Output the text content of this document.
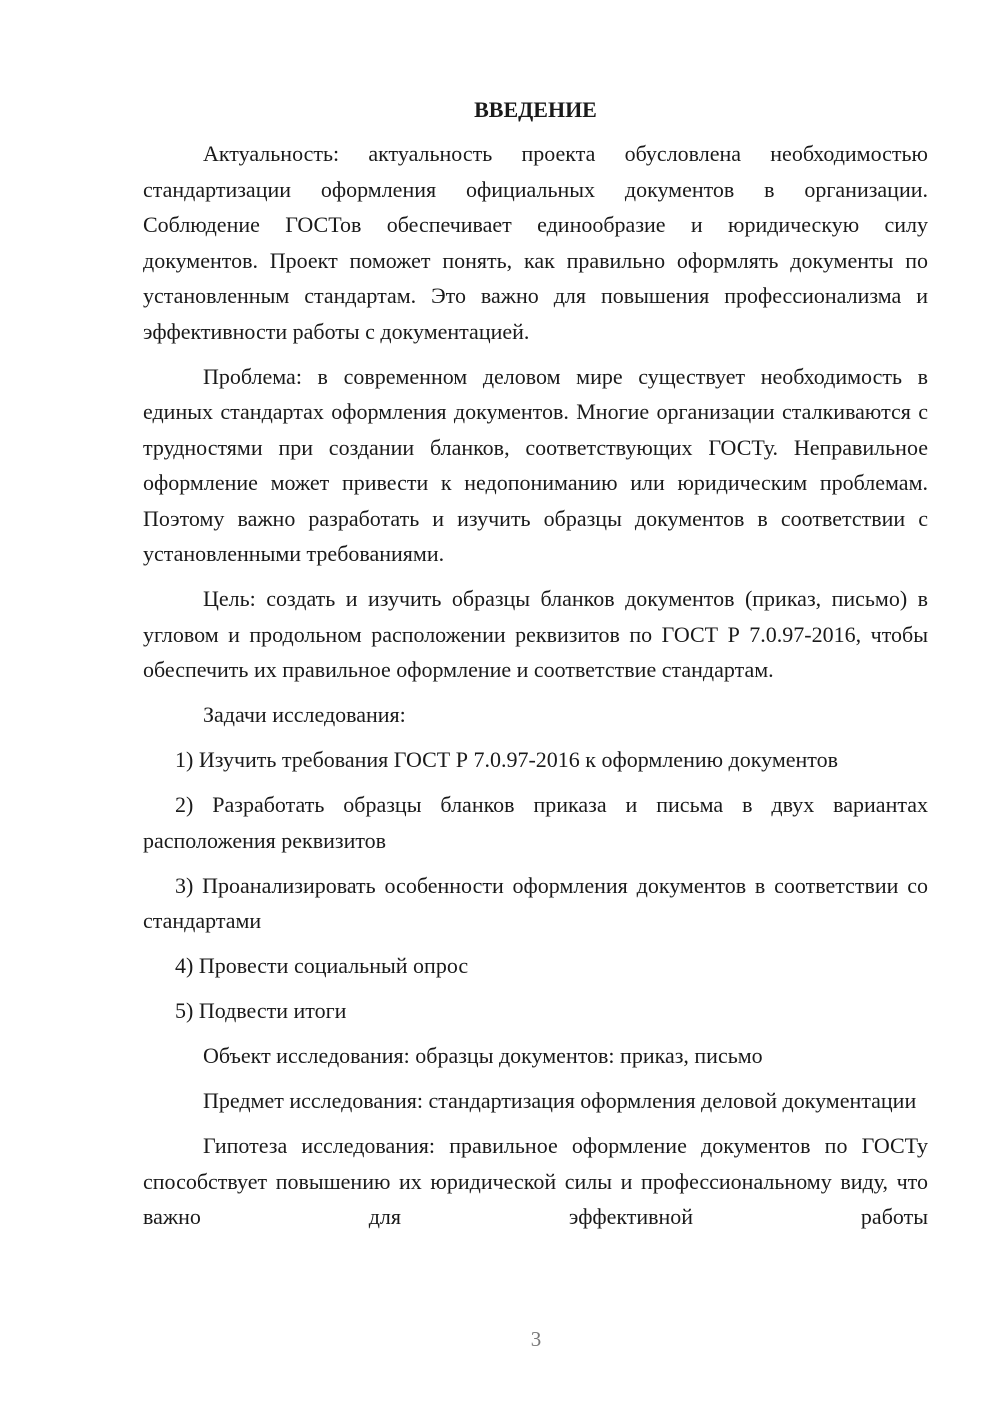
ВВЕДЕНИЕ

Актуальность: актуальность проекта обусловлена необходимостью стандартизации оформления официальных документов в организации. Соблюдение ГОСТов обеспечивает единообразие и юридическую силу документов. Проект поможет понять, как правильно оформлять документы по установленным стандартам. Это важно для повышения профессионализма и эффективности работы с документацией.

Проблема: в современном деловом мире существует необходимость в единых стандартах оформления документов. Многие организации сталкиваются с трудностями при создании бланков, соответствующих ГОСТу. Неправильное оформление может привести к недопониманию или юридическим проблемам. Поэтому важно разработать и изучить образцы документов в соответствии с установленными требованиями.

Цель: создать и изучить образцы бланков документов (приказ, письмо) в угловом и продольном расположении реквизитов по ГОСТ Р 7.0.97-2016, чтобы обеспечить их правильное оформление и соответствие стандартам.

Задачи исследования:

1) Изучить требования ГОСТ Р 7.0.97-2016 к оформлению документов

2) Разработать образцы бланков приказа и письма в двух вариантах расположения реквизитов

3) Проанализировать особенности оформления документов в соответствии со стандартами

4) Провести социальный опрос

5) Подвести итоги

Объект исследования: образцы документов: приказ, письмо

Предмет исследования: стандартизация оформления деловой документации

Гипотеза исследования: правильное оформление документов по ГОСТу способствует повышению их юридической силы и профессиональному виду, что важно для эффективной работы

3
